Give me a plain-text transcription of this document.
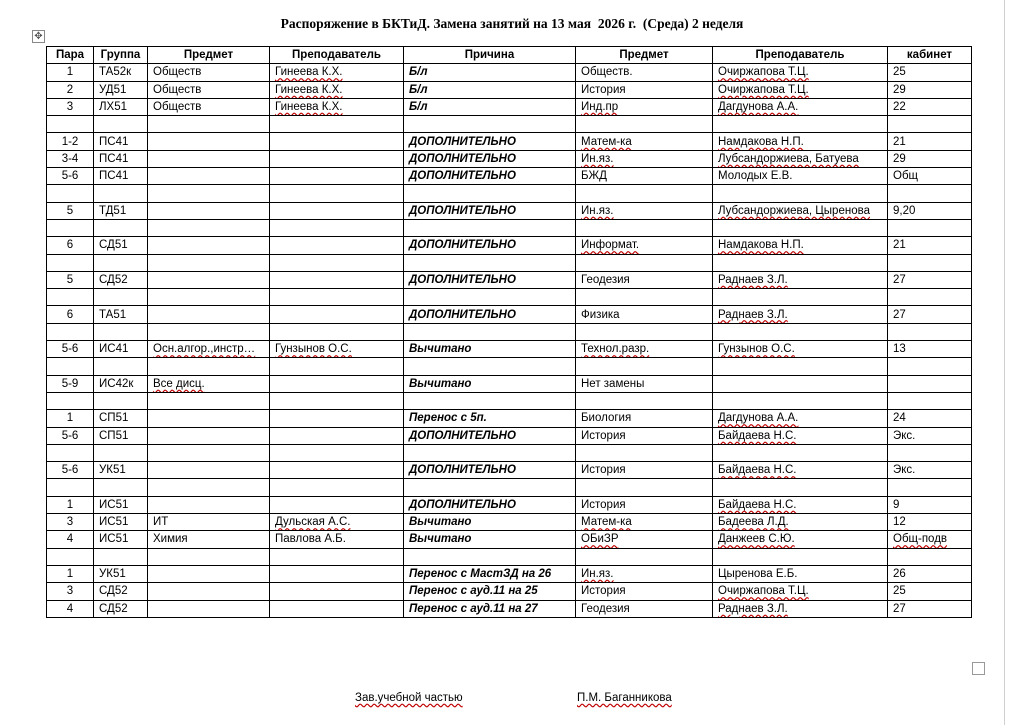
Распоряжение в БКТиД. Замена занятий на 13 мая  2026 г.  (Среда) 2 неделя
✥
Пара	Группа	Предмет	Преподаватель	Причина	Предмет	Преподаватель	кабинет
1	ТА52к	Обществ	Гинеева К.Х.	Б/л	Обществ.	Очиржапова Т.Ц.	25
2	УД51	Обществ	Гинеева К.Х.	Б/л	История	Очиржапова Т.Ц.	29
3	ЛХ51	Обществ	Гинеева К.Х.	Б/л	Инд.пр	Дагдунова А.А.	22

1-2	ПС41			ДОПОЛНИТЕЛЬНО	Матем-ка	Намдакова Н.П.	21
3-4	ПС41			ДОПОЛНИТЕЛЬНО	Ин.яз.	Лубсандоржиева, Батуева	29
5-6	ПС41			ДОПОЛНИТЕЛЬНО	БЖД	Молодых Е.В.	Общ

5	ТД51			ДОПОЛНИТЕЛЬНО	Ин.яз.	Лубсандоржиева, Цыренова	9,20

6	СД51			ДОПОЛНИТЕЛЬНО	Информат.	Намдакова Н.П.	21

5	СД52			ДОПОЛНИТЕЛЬНО	Геодезия	Раднаев З.Л.	27

6	ТА51			ДОПОЛНИТЕЛЬНО	Физика	Раднаев З.Л.	27

5-6	ИС41	Осн.алгор.,инстр…	Гунзынов О.С.	Вычитано	Технол.разр.	Гунзынов О.С.	13

5-9	ИС42к	Все дисц.		Вычитано	Нет замены		

1	СП51			Перенос с 5п.	Биология	Дагдунова А.А.	24
5-6	СП51			ДОПОЛНИТЕЛЬНО	История	Байдаева Н.С.	Экс.

5-6	УК51			ДОПОЛНИТЕЛЬНО	История	Байдаева Н.С.	Экс.

1	ИС51			ДОПОЛНИТЕЛЬНО	История	Байдаева Н.С.	9
3	ИС51	ИТ	Дульская А.С.	Вычитано	Матем-ка	Бадеева Л.Д.	12
4	ИС51	Химия	Павлова А.Б.	Вычитано	ОБиЗР	Данжеев С.Ю.	Общ-подв

1	УК51			Перенос с МастЗД на 26	Ин.яз.	Цыренова Е.Б.	26
3	СД52			Перенос с ауд.11 на 25	История	Очиржапова Т.Ц.	25
4	СД52			Перенос с ауд.11 на 27	Геодезия	Раднаев З.Л.	27
Зав.учебной частью	П.М. Баганникова
